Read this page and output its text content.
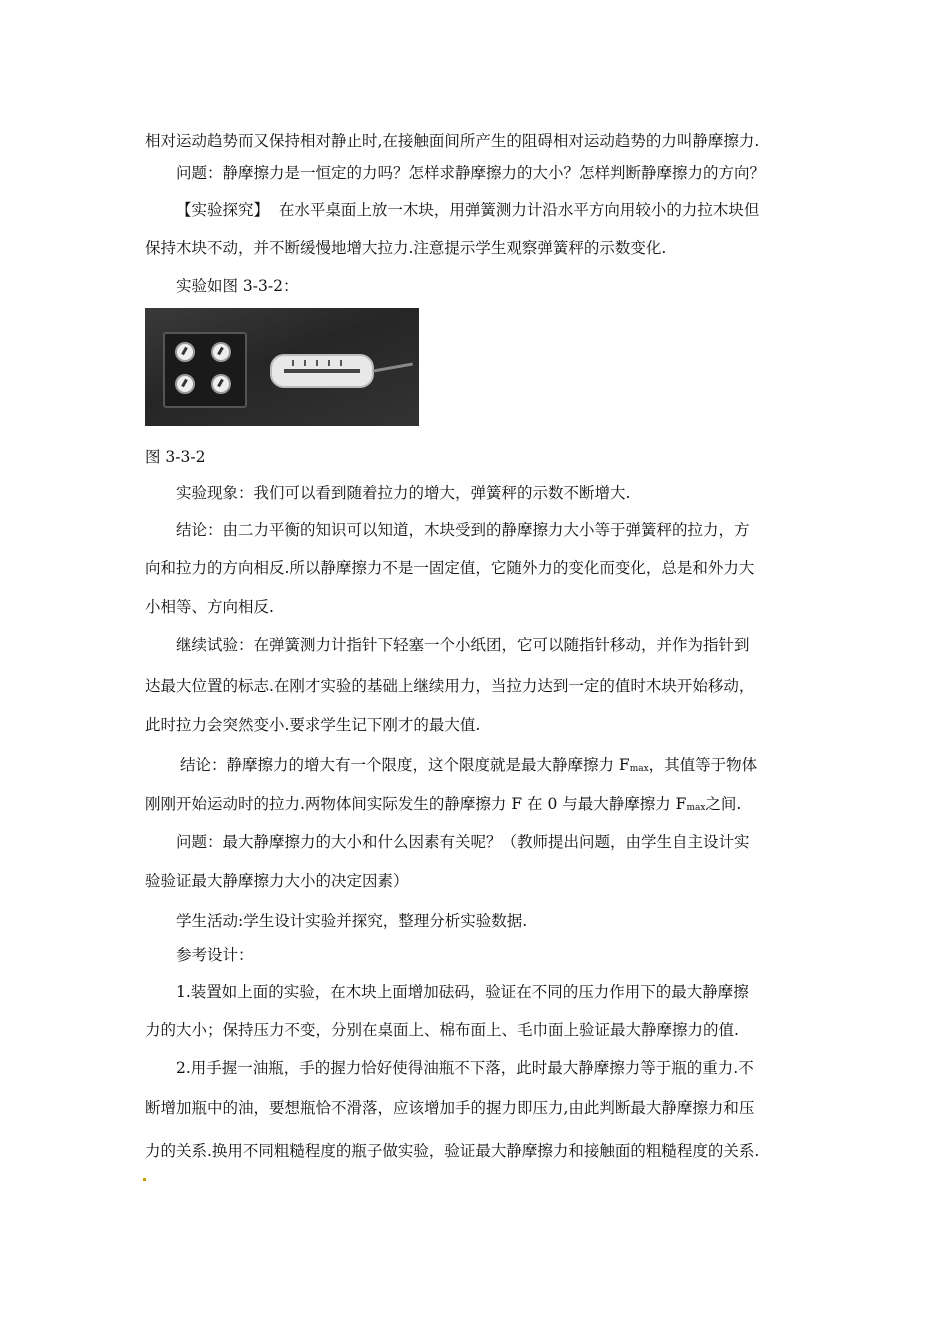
相对运动趋势而又保持相对静止时,在接触面间所产生的阻碍相对运动趋势的力叫静摩擦力.
问题：静摩擦力是一恒定的力吗？怎样求静摩擦力的大小？怎样判断静摩擦力的方向？
【实验探究】 在水平桌面上放一木块，用弹簧测力计沿水平方向用较小的力拉木块但
保持木块不动，并不断缓慢地增大拉力.注意提示学生观察弹簧秤的示数变化.
实验如图 3-3-2：
图 3-3-2
实验现象：我们可以看到随着拉力的增大，弹簧秤的示数不断增大.
结论：由二力平衡的知识可以知道，木块受到的静摩擦力大小等于弹簧秤的拉力，方
向和拉力的方向相反.所以静摩擦力不是一固定值，它随外力的变化而变化，总是和外力大
小相等、方向相反.
继续试验：在弹簧测力计指针下轻塞一个小纸团，它可以随指针移动，并作为指针到
达最大位置的标志.在刚才实验的基础上继续用力，当拉力达到一定的值时木块开始移动，
此时拉力会突然变小.要求学生记下刚才的最大值.
结论：静摩擦力的增大有一个限度，这个限度就是最大静摩擦力 Fmax，其值等于物体
刚刚开始运动时的拉力.两物体间实际发生的静摩擦力 F 在 0 与最大静摩擦力 Fmax之间.
问题：最大静摩擦力的大小和什么因素有关呢？（教师提出问题，由学生自主设计实
验验证最大静摩擦力大小的决定因素）
学生活动:学生设计实验并探究，整理分析实验数据.
参考设计：
1.装置如上面的实验，在木块上面增加砝码，验证在不同的压力作用下的最大静摩擦
力的大小；保持压力不变，分别在桌面上、棉布面上、毛巾面上验证最大静摩擦力的值.
2.用手握一油瓶，手的握力恰好使得油瓶不下落，此时最大静摩擦力等于瓶的重力.不
断增加瓶中的油，要想瓶恰不滑落，应该增加手的握力即压力,由此判断最大静摩擦力和压
力的关系.换用不同粗糙程度的瓶子做实验，验证最大静摩擦力和接触面的粗糙程度的关系.
